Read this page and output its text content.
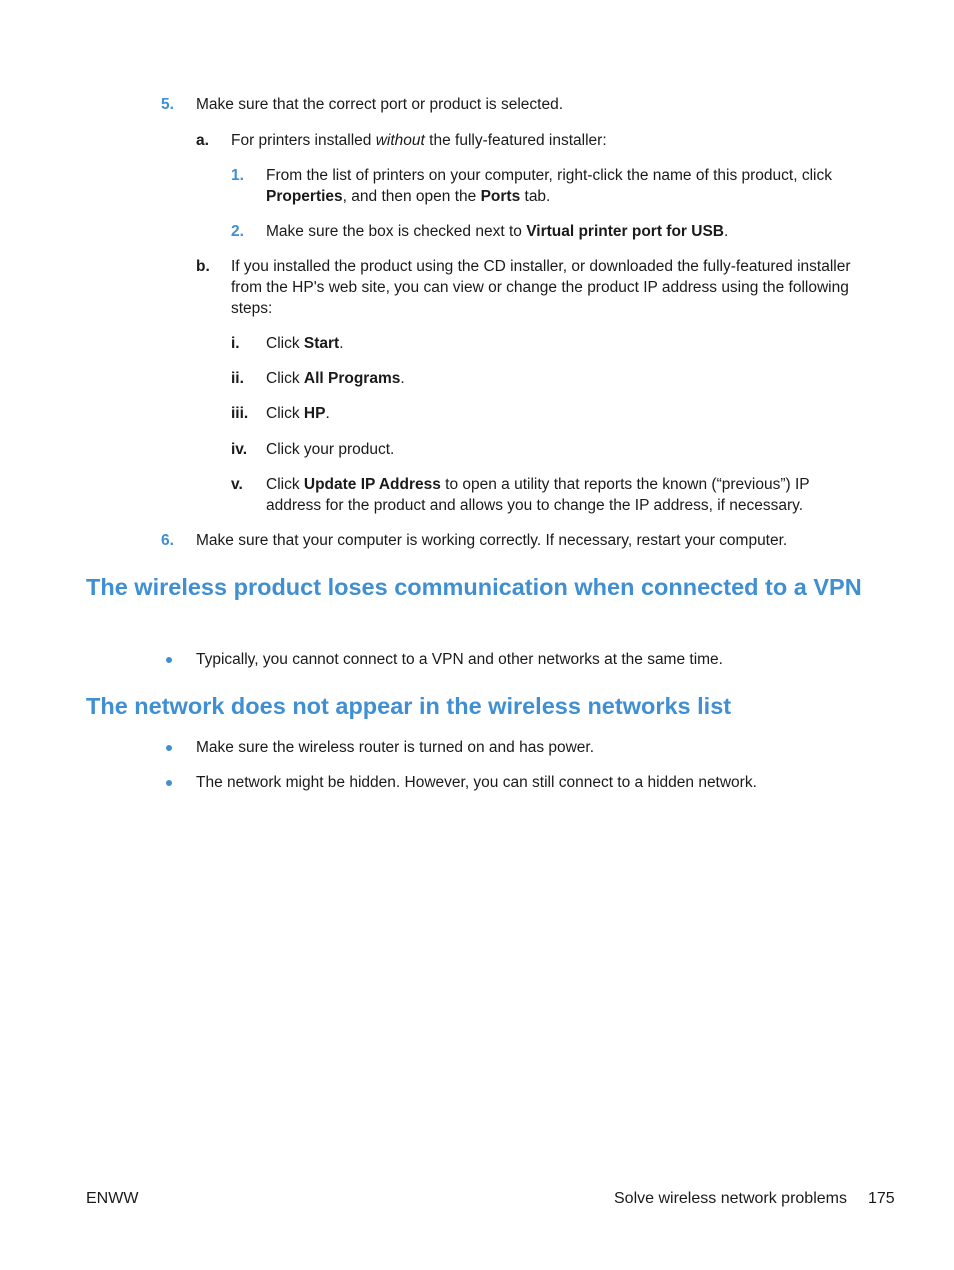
5. Make sure that the correct port or product is selected.
a. For printers installed without the fully-featured installer:
1. From the list of printers on your computer, right-click the name of this product, click Properties, and then open the Ports tab.
2. Make sure the box is checked next to Virtual printer port for USB.
b. If you installed the product using the CD installer, or downloaded the fully-featured installer from the HP's web site, you can view or change the product IP address using the following steps:
i. Click Start.
ii. Click All Programs.
iii. Click HP.
iv. Click your product.
v. Click Update IP Address to open a utility that reports the known (“previous”) IP address for the product and allows you to change the IP address, if necessary.
6. Make sure that your computer is working correctly. If necessary, restart your computer.
The wireless product loses communication when connected to a VPN
Typically, you cannot connect to a VPN and other networks at the same time.
The network does not appear in the wireless networks list
Make sure the wireless router is turned on and has power.
The network might be hidden. However, you can still connect to a hidden network.
ENWW	Solve wireless network problems 175
